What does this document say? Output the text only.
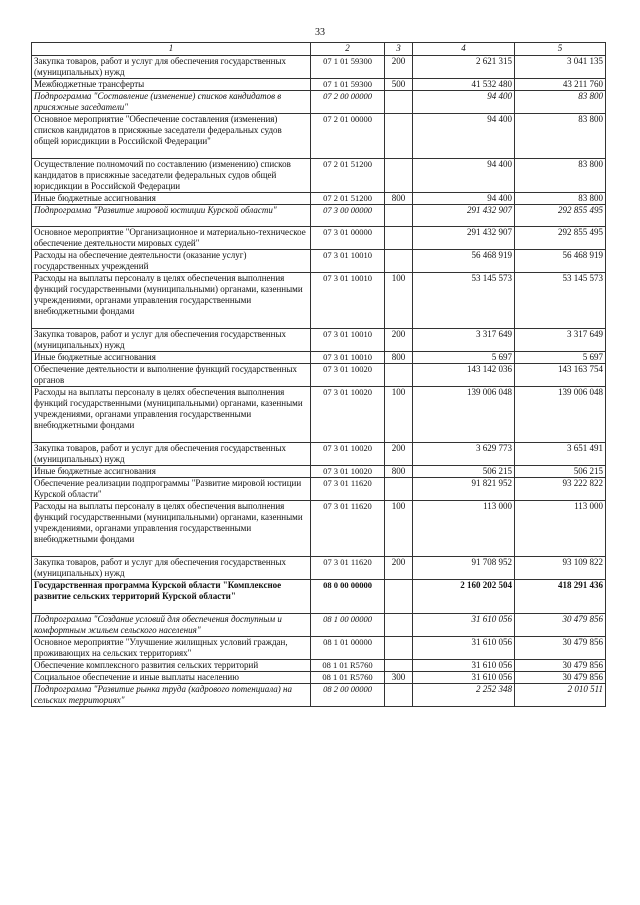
33
1	2	3	4	5
Закупка товаров, работ и услуг для обеспечения государственных (муниципальных) нужд	07 1 01 59300	200	2 621 315	3 041 135
Межбюджетные трансферты	07 1 01 59300	500	41 532 480	43 211 760
Подпрограмма "Составление (изменение) списков кандидатов в присяжные заседатели"	07 2 00 00000		94 400	83 800
Основное мероприятие "Обеспечение составления (изменения) списков кандидатов в присяжные заседатели федеральных судов общей юрисдикции в Российской Федерации"	07 2 01 00000		94 400	83 800
Осуществление полномочий по составлению (изменению) списков кандидатов в присяжные заседатели федеральных судов общей юрисдикции в Российской Федерации	07 2 01 51200		94 400	83 800
Иные бюджетные ассигнования	07 2 01 51200	800	94 400	83 800
Подпрограмма "Развитие мировой юстиции Курской области"	07 3 00 00000		291 432 907	292 855 495
Основное мероприятие "Организационное и материально-техническое обеспечение деятельности мировых судей"	07 3 01 00000		291 432 907	292 855 495
Расходы на обеспечение деятельности (оказание услуг) государственных учреждений	07 3 01 10010		56 468 919	56 468 919
Расходы на выплаты персоналу в целях обеспечения выполнения функций государственными (муниципальными) органами, казенными учреждениями, органами управления государственными внебюджетными фондами	07 3 01 10010	100	53 145 573	53 145 573
Закупка товаров, работ и услуг для обеспечения государственных (муниципальных) нужд	07 3 01 10010	200	3 317 649	3 317 649
Иные бюджетные ассигнования	07 3 01 10010	800	5 697	5 697
Обеспечение деятельности и выполнение функций государственных органов	07 3 01 10020		143 142 036	143 163 754
Расходы на выплаты персоналу в целях обеспечения выполнения функций государственными (муниципальными) органами, казенными учреждениями, органами управления государственными внебюджетными фондами	07 3 01 10020	100	139 006 048	139 006 048
Закупка товаров, работ и услуг для обеспечения государственных (муниципальных) нужд	07 3 01 10020	200	3 629 773	3 651 491
Иные бюджетные ассигнования	07 3 01 10020	800	506 215	506 215
Обеспечение реализации подпрограммы "Развитие мировой юстиции Курской области"	07 3 01 11620		91 821 952	93 222 822
Расходы на выплаты персоналу в целях обеспечения выполнения функций государственными (муниципальными) органами, казенными учреждениями, органами управления государственными внебюджетными фондами	07 3 01 11620	100	113 000	113 000
Закупка товаров, работ и услуг для обеспечения государственных (муниципальных) нужд	07 3 01 11620	200	91 708 952	93 109 822
Государственная программа Курской области "Комплексное развитие сельских территорий Курской области"	08 0 00 00000		2 160 202 504	418 291 436
Подпрограмма "Создание условий для обеспечения доступным и комфортным жильем сельского населения"	08 1 00 00000		31 610 056	30 479 856
Основное мероприятие "Улучшение жилищных условий граждан, проживающих на сельских территориях"	08 1 01 00000		31 610 056	30 479 856
Обеспечение комплексного развития сельских территорий	08 1 01 R5760		31 610 056	30 479 856
Социальное обеспечение и иные выплаты населению	08 1 01 R5760	300	31 610 056	30 479 856
Подпрограмма "Развитие рынка труда (кадрового потенциала) на сельских территориях"	08 2 00 00000		2 252 348	2 010 511
